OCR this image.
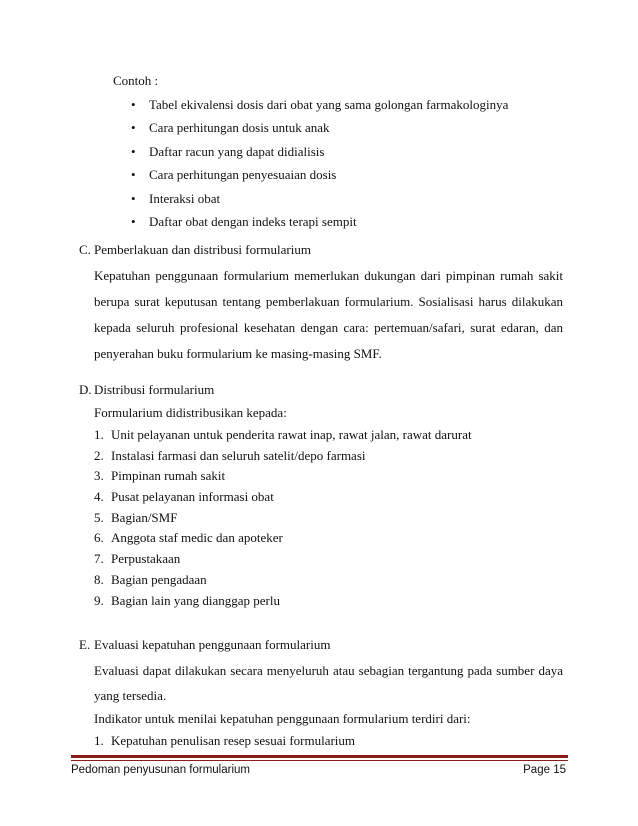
Contoh :
• Tabel ekivalensi dosis dari obat yang sama golongan farmakologinya
• Cara perhitungan dosis untuk anak
• Daftar racun yang dapat didialisis
• Cara perhitungan penyesuaian dosis
• Interaksi obat
• Daftar obat dengan indeks terapi sempit
C. Pemberlakuan dan distribusi formularium
Kepatuhan penggunaan formularium memerlukan dukungan dari pimpinan rumah sakit
berupa surat keputusan tentang pemberlakuan formularium. Sosialisasi harus dilakukan
kepada seluruh profesional kesehatan dengan cara: pertemuan/safari, surat edaran, dan
penyerahan buku formularium ke masing-masing SMF.
D. Distribusi formularium
Formularium didistribusikan kepada:
1. Unit pelayanan untuk penderita rawat inap, rawat jalan, rawat darurat
2. Instalasi farmasi dan seluruh satelit/depo farmasi
3. Pimpinan rumah sakit
4. Pusat pelayanan informasi obat
5. Bagian/SMF
6. Anggota staf medic dan apoteker
7. Perpustakaan
8. Bagian pengadaan
9. Bagian lain yang dianggap perlu
E. Evaluasi kepatuhan penggunaan formularium
Evaluasi dapat dilakukan secara menyeluruh atau sebagian tergantung pada sumber daya
yang tersedia.
Indikator untuk menilai kepatuhan penggunaan formularium terdiri dari:
1. Kepatuhan penulisan resep sesuai formularium
Pedoman penyusunan formularium	Page 15
